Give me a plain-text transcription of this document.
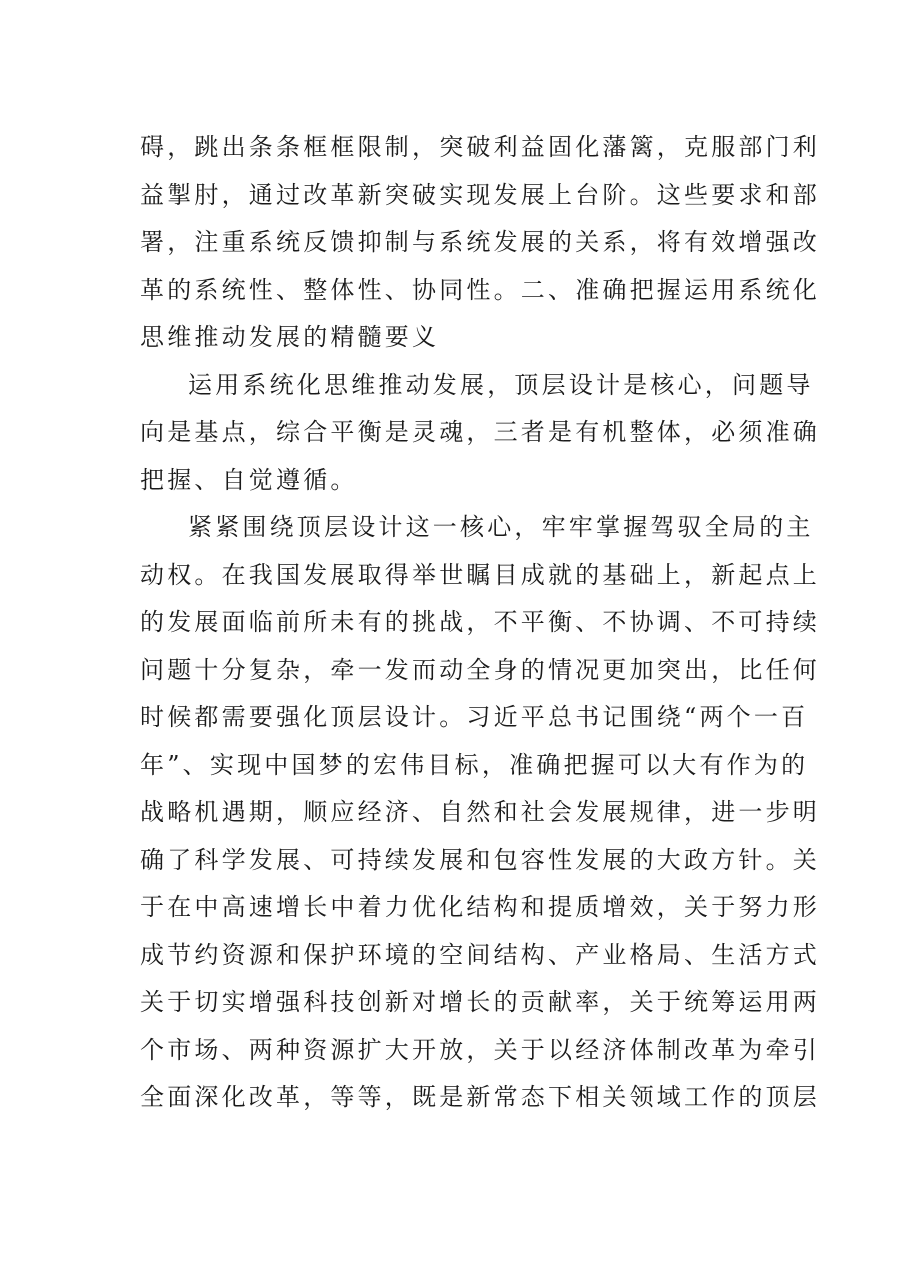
碍，跳出条条框框限制，突破利益固化藩篱，克服部门利
益掣肘，通过改革新突破实现发展上台阶。这些要求和部
署，注重系统反馈抑制与系统发展的关系，将有效增强改
革的系统性、整体性、协同性。二、准确把握运用系统化
思维推动发展的精髓要义

运用系统化思维推动发展，顶层设计是核心，问题导
向是基点，综合平衡是灵魂，三者是有机整体，必须准确
把握、自觉遵循。

紧紧围绕顶层设计这一核心，牢牢掌握驾驭全局的主
动权。在我国发展取得举世瞩目成就的基础上，新起点上
的发展面临前所未有的挑战，不平衡、不协调、不可持续
问题十分复杂，牵一发而动全身的情况更加突出，比任何
时候都需要强化顶层设计。习近平总书记围绕“两个一百
年”、实现中国梦的宏伟目标，准确把握可以大有作为的
战略机遇期，顺应经济、自然和社会发展规律，进一步明
确了科学发展、可持续发展和包容性发展的大政方针。关
于在中高速增长中着力优化结构和提质增效，关于努力形
成节约资源和保护环境的空间结构、产业格局、生活方式
关于切实增强科技创新对增长的贡献率，关于统筹运用两
个市场、两种资源扩大开放，关于以经济体制改革为牵引
全面深化改革，等等，既是新常态下相关领域工作的顶层
